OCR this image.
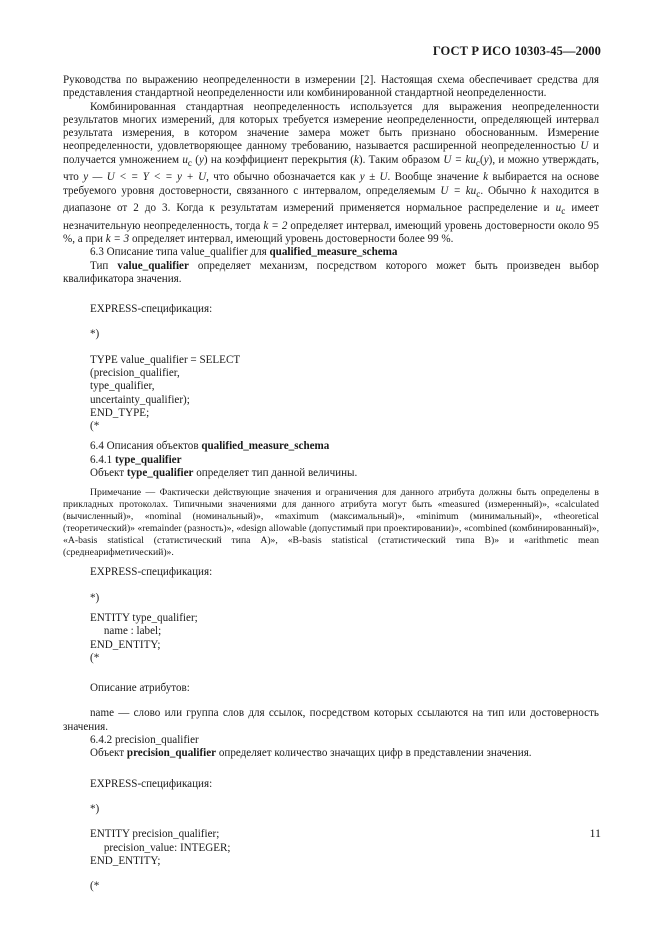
ГОСТ Р ИСО 10303-45—2000

Руководства по выражению неопределенности в измерении [2]. Настоящая схема обеспечивает средства для представления стандартной неопределенности или комбинированной стандартной неопределенности.

Комбинированная стандартная неопределенность используется для выражения неопределенности результатов многих измерений, для которых требуется измерение неопределенности, определяющей интервал результата измерения, в котором значение замера может быть признано обоснованным. Измерение неопределенности, удовлетворяющее данному требованию, называется расширенной неопределенностью U и получается умножением $u_c$ (y) на коэффициент перекрытия (k). Таким образом $U = ku_c(y)$, и можно утверждать, что y — U < = Y < = y + U, что обычно обозначается как y ± U. Вообще значение k выбирается на основе требуемого уровня достоверности, связанного с интервалом, определяемым $U = ku_c$. Обычно k находится в диапазоне от 2 до 3. Когда к результатам измерений применяется нормальное распределение и $u_c$ имеет незначительную неопределенность, тогда k = 2 определяет интервал, имеющий уровень достоверности около 95 %, а при k = 3 определяет интервал, имеющий уровень достоверности более 99 %.

6.3 Описание типа value_qualifier для qualified_measure_schema

Тип value_qualifier определяет механизм, посредством которого может быть произведен выбор квалификатора значения.

EXPRESS-спецификация:

*)

TYPE value_qualifier = SELECT
(precision_qualifier,
type_qualifier,
uncertainty_qualifier);
END_TYPE;

(*

6.4 Описания объектов qualified_measure_schema

6.4.1 type_qualifier

Объект type_qualifier определяет тип данной величины.

Примечание — Фактически действующие значения и ограничения для данного атрибута должны быть определены в прикладных протоколах. Типичными значениями для данного атрибута могут быть «measured (измеренный)», «calculated (вычисленный)», «nominal (номинальный)», «maximum (максимальный)», «minimum (минимальный)», «theoretical (теоретический)» «remainder (разность)», «design allowable (допустимый при проектировании)», «combined (комбинированный)», «A-basis statistical (статистический типа A)», «B-basis statistical (статистический типа B)» и «arithmetic mean (среднеарифметический)».

EXPRESS-спецификация:

*)

ENTITY type_qualifier;
name : label;
END_ENTITY;

(*

Описание атрибутов:

name — слово или группа слов для ссылок, посредством которых ссылаются на тип или достоверность значения.

6.4.2 precision_qualifier

Объект precision_qualifier определяет количество значащих цифр в представлении значения.

EXPRESS-спецификация:

*)

ENTITY precision_qualifier;
precision_value: INTEGER;
END_ENTITY;

(*

11
